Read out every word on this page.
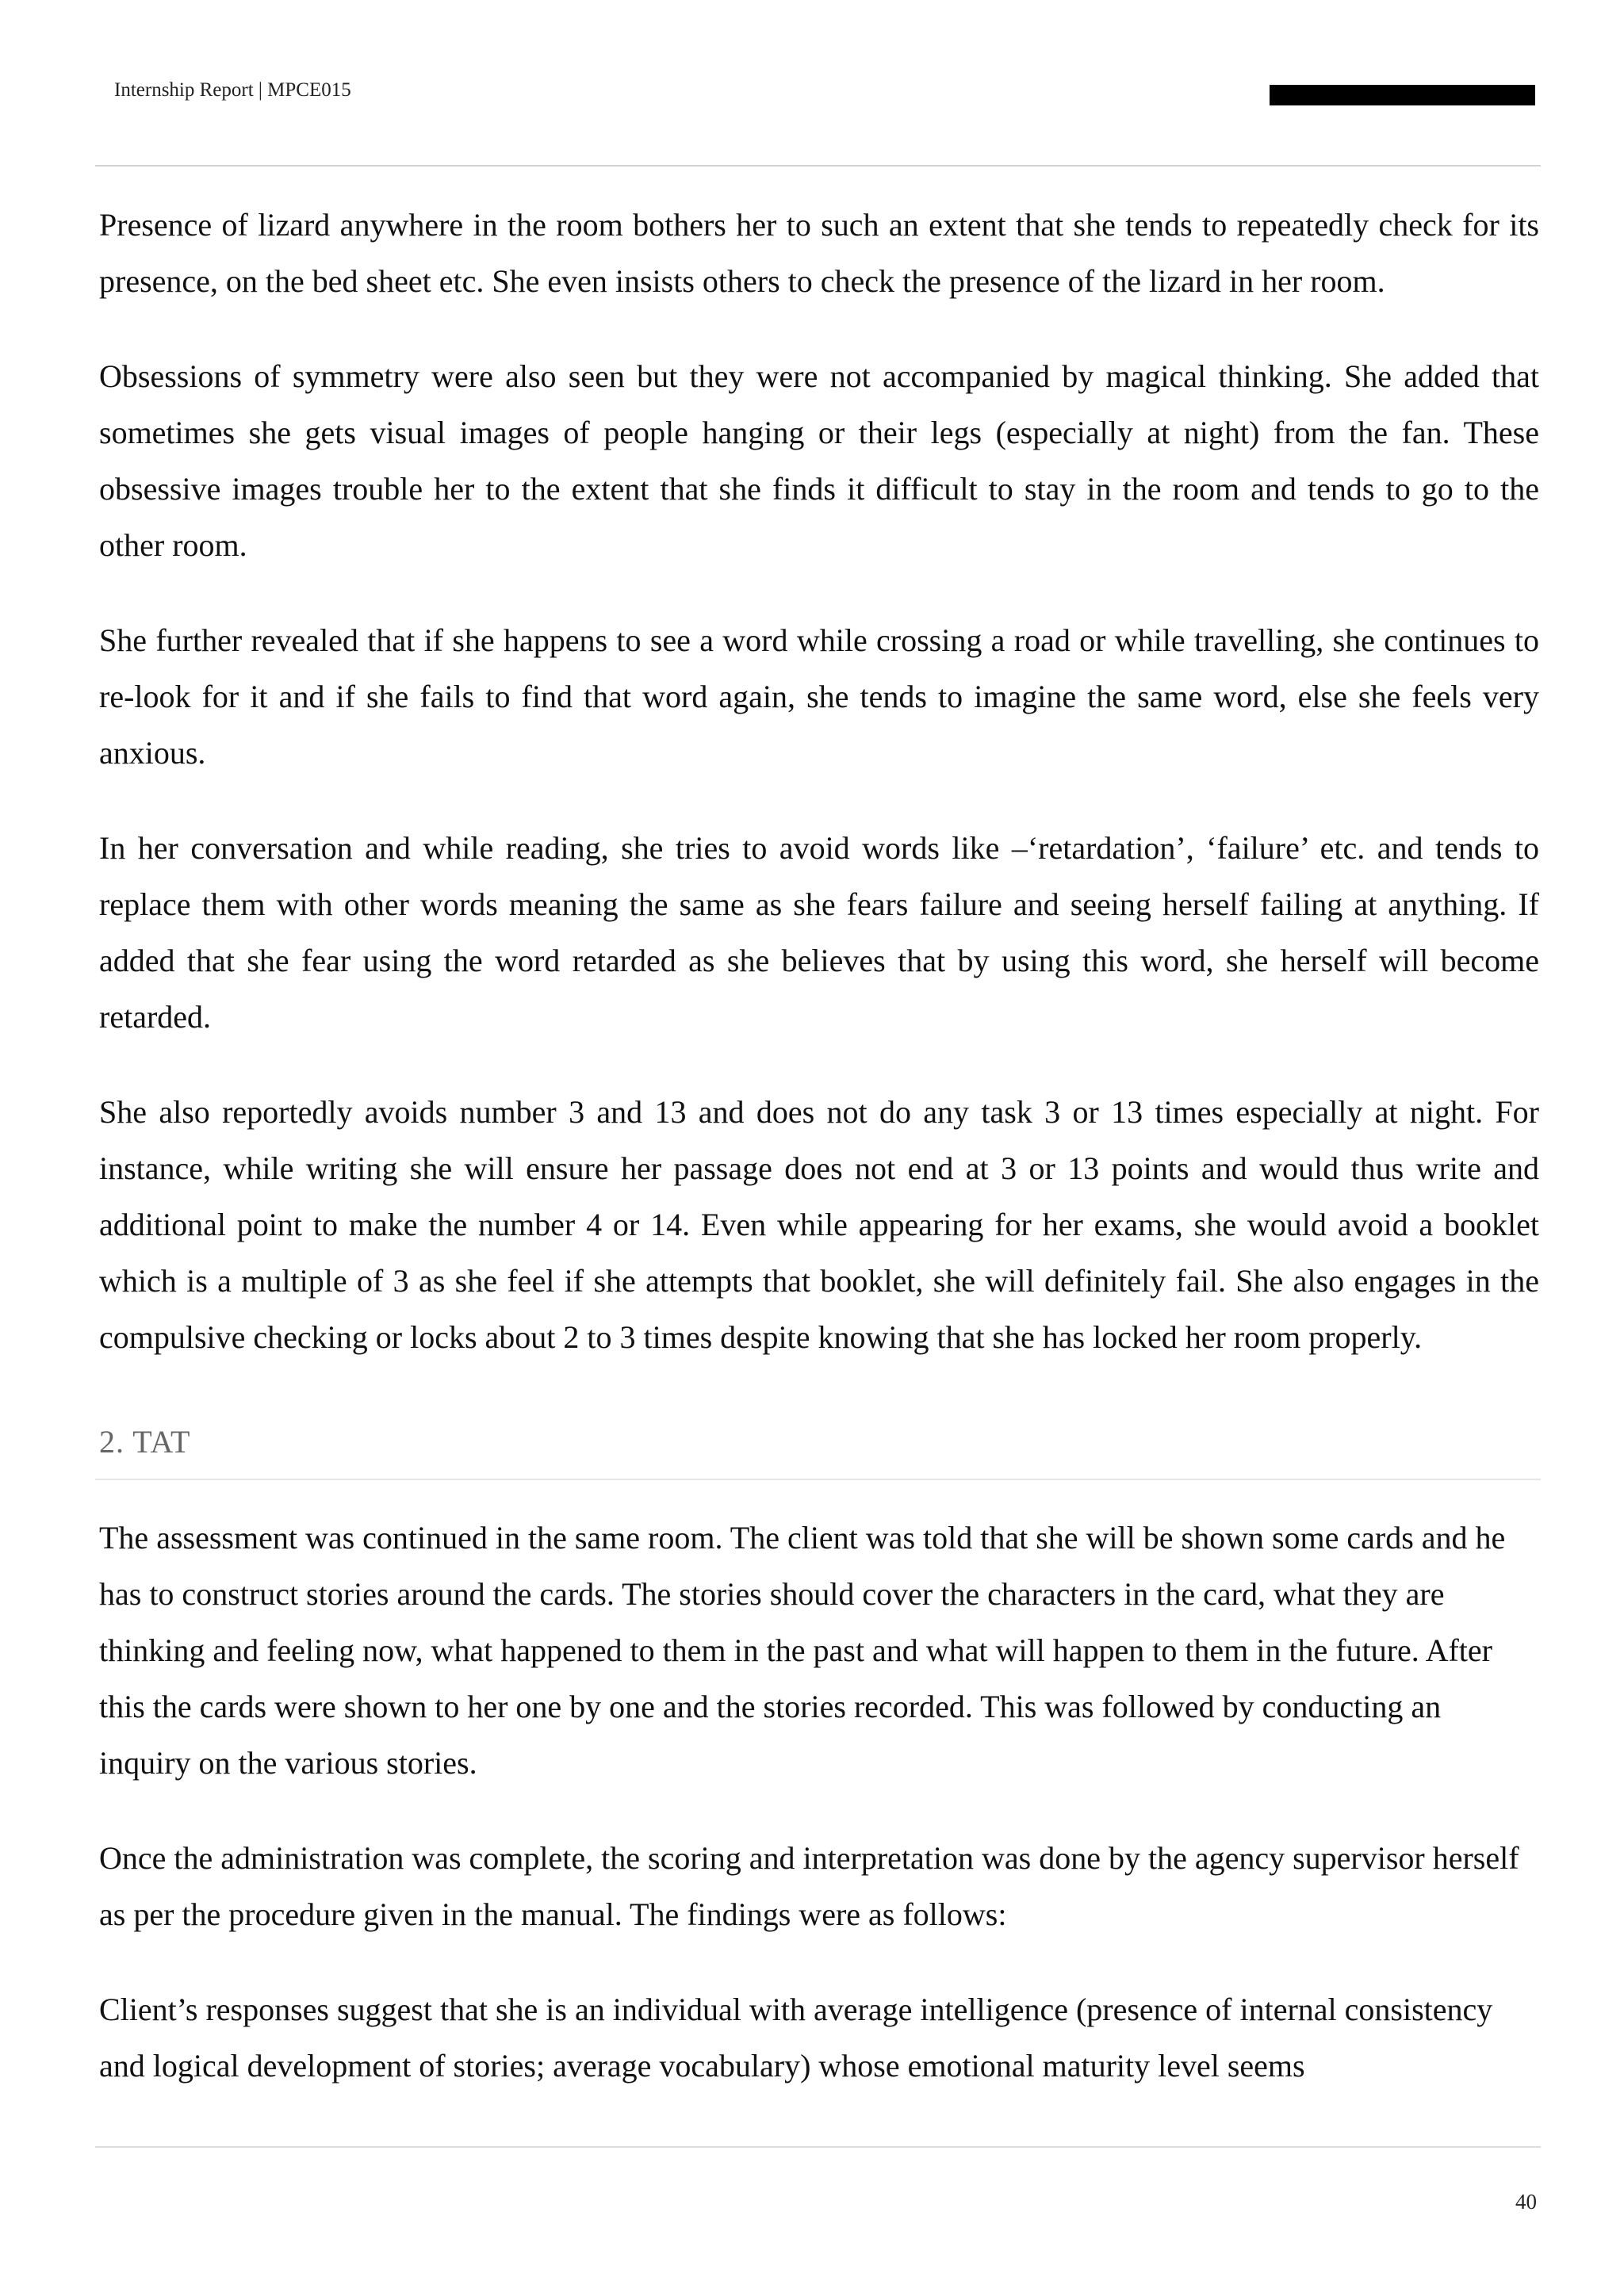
Internship Report | MPCE015

Presence of lizard anywhere in the room bothers her to such an extent that she tends to repeatedly check for its presence, on the bed sheet etc. She even insists others to check the presence of the lizard in her room.

Obsessions of symmetry were also seen but they were not accompanied by magical thinking. She added that sometimes she gets visual images of people hanging or their legs (especially at night) from the fan. These obsessive images trouble her to the extent that she finds it difficult to stay in the room and tends to go to the other room.

She further revealed that if she happens to see a word while crossing a road or while travelling, she continues to re-look for it and if she fails to find that word again, she tends to imagine the same word, else she feels very anxious.

In her conversation and while reading, she tries to avoid words like –‘retardation’, ‘failure’ etc. and tends to replace them with other words meaning the same as she fears failure and seeing herself failing at anything. If added that she fear using the word retarded as she believes that by using this word, she herself will become retarded.

She also reportedly avoids number 3 and 13 and does not do any task 3 or 13 times especially at night. For instance, while writing she will ensure her passage does not end at 3 or 13 points and would thus write and additional point to make the number 4 or 14. Even while appearing for her exams, she would avoid a booklet which is a multiple of 3 as she feel if she attempts that booklet, she will definitely fail. She also engages in the compulsive checking or locks about 2 to 3 times despite knowing that she has locked her room properly.

2. TAT

The assessment was continued in the same room. The client was told that she will be shown some cards and he has to construct stories around the cards. The stories should cover the characters in the card, what they are thinking and feeling now, what happened to them in the past and what will happen to them in the future. After this the cards were shown to her one by one and the stories recorded. This was followed by conducting an inquiry on the various stories.

Once the administration was complete, the scoring and interpretation was done by the agency supervisor herself as per the procedure given in the manual. The findings were as follows:

Client’s responses suggest that she is an individual with average intelligence (presence of internal consistency and logical development of stories; average vocabulary) whose emotional maturity level seems

40
